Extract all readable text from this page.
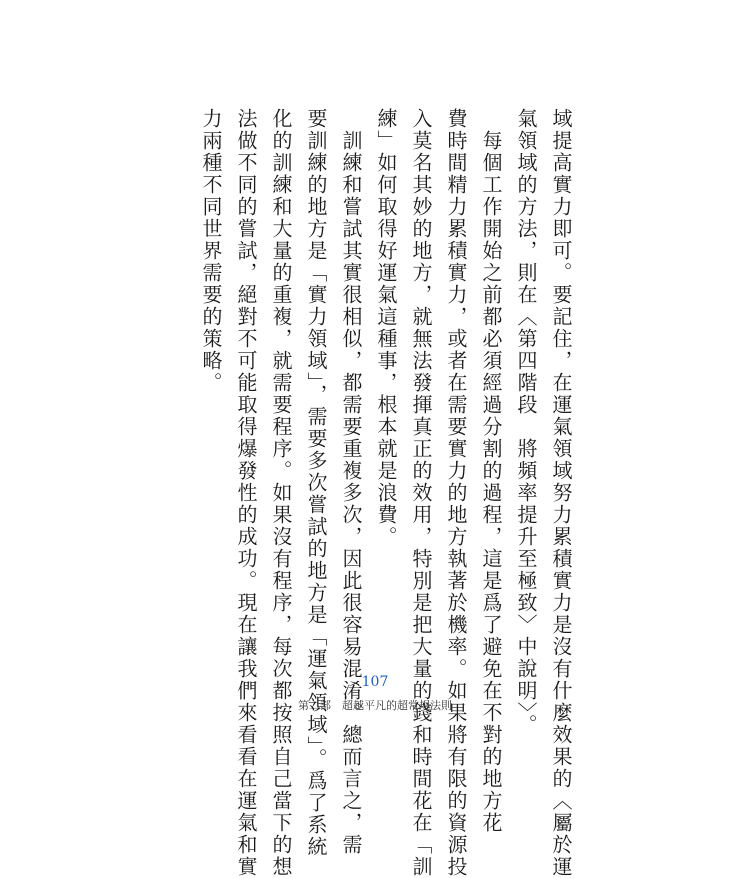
域提高實力即可。要記住，在運氣領域努力累積實力是沒有什麼效果的〈屬於運

氣領域的方法，則在〈第四階段　將頻率提升至極致〉中說明〉。

　每個工作開始之前都必須經過分割的過程，這是爲了避免在不對的地方花

費時間精力累積實力，或者在需要實力的地方執著於機率。如果將有限的資源投

入莫名其妙的地方，就無法發揮真正的效用，特別是把大量的錢和時間花在「訓

練」如何取得好運氣這種事，根本就是浪費。

　訓練和嘗試其實很相似，都需要重複多次，因此很容易混淆。總而言之，需

要訓練的地方是「實力領域」，需要多次嘗試的地方是「運氣領域」。爲了系統

化的訓練和大量的重複，就需要程序。如果沒有程序，每次都按照自己當下的想

法做不同的嘗試，絕對不可能取得爆發性的成功。現在讓我們來看看在運氣和實

力兩種不同世界需要的策略。

107
第二部　超越平凡的超常規法則
